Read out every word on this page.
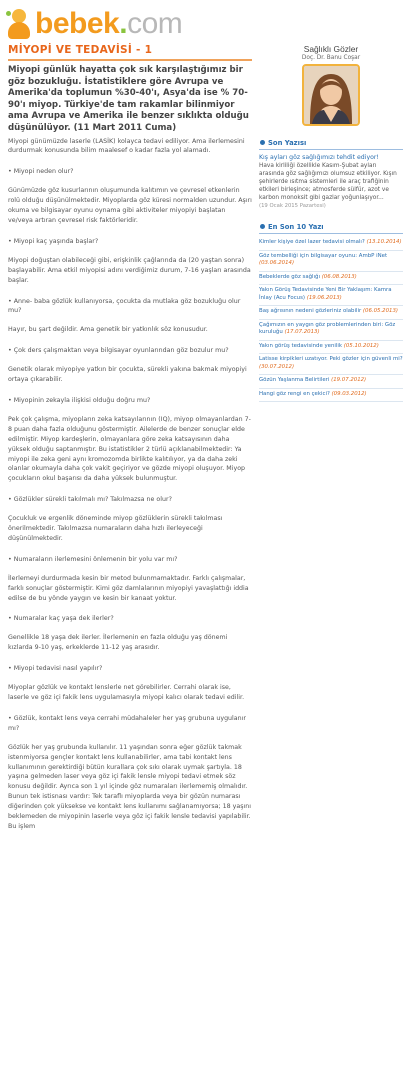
bebek.com
MİYOPİ VE TEDAVİSİ - 1
Miyopi günlük hayatta çok sık karşılaştığımız bir göz bozukluğu. İstatistiklere göre Avrupa ve Amerika'da toplumun %30-40'ı, Asya'da ise % 70-90'ı miyop. Türkiye'de tam rakamlar bilinmiyor ama Avrupa ve Amerika ile benzer sıklıkta olduğu düşünülüyor. (11 Mart 2011 Cuma)
Miyopi günümüzde laserle (LASİK) kolayca tedavi ediliyor. Ama ilerlemesini durdurmak konusunda bilim maalesef o kadar fazla yol alamadı.
• Miyopi neden olur?
Günümüzde göz kusurlarının oluşumunda kalıtımın ve çevresel etkenlerin rolü olduğu düşünülmektedir. Miyoplarda göz küresi normalden uzundur. Aşırı okuma ve bilgisayar oyunu oynama gibi aktiviteler miyopiyi başlatan ve/veya artıran çevresel risk faktörleridir.
• Miyopi kaç yaşında başlar?
Miyopi doğuştan olabileceği gibi, erişkinlik çağlarında da (20 yaştan sonra) başlayabilir. Ama etkil miyopisi adını verdiğimiz durum, 7-16 yaşları arasında başlar.
• Anne- baba gözlük kullanıyorsa, çocukta da mutlaka göz bozukluğu olur mu?
Hayır, bu şart değildir. Ama genetik bir yatkınlık söz konusudur.
• Çok ders çalışmaktan veya bilgisayar oyunlarından göz bozulur mu?
Genetik olarak miyopiye yatkın bir çocukta, sürekli yakına bakmak miyopiyi ortaya çıkarabilir.
• Miyopinin zekayla ilişkisi olduğu doğru mu?
Pek çok çalışma, miyopların zeka katsayılarının (IQ), miyop olmayanlardan 7-8 puan daha fazla olduğunu göstermiştir. Ailelerde de benzer sonuçlar elde edilmiştir. Miyop kardeşlerin, olmayanlara göre zeka katsayısının daha yüksek olduğu saptanmıştır. Bu istatistikler 2 türlü açıklanabilmektedir: Ya miyopi ile zeka geni aynı kromozomda birlikte kalıtılıyor, ya da daha zeki olanlar okumayla daha çok vakit geçiriyor ve gözde miyopi oluşuyor. Miyop çocukların okul başarısı da daha yüksek bulunmuştur.
• Gözlükler sürekli takılmalı mı? Takılmazsa ne olur?
Çocukluk ve ergenlik döneminde miyop gözlüklerin sürekli takılması önerilmektedir. Takılmazsa numaraların daha hızlı ilerleyeceği düşünülmektedir.
• Numaraların ilerlemesini önlemenin bir yolu var mı?
İlerlemeyi durdurmada kesin bir metod bulunmamaktadır. Farklı çalışmalar, farklı sonuçlar göstermiştir. Kimi göz damlalarının miyopiyi yavaşlattığı iddia edilse de bu yönde yaygın ve kesin bir kanaat yoktur.
• Numaralar kaç yaşa dek ilerler?
Genellikle 18 yaşa dek ilerler. İlerlemenin en fazla olduğu yaş dönemi kızlarda 9-10 yaş, erkeklerde 11-12 yaş arasıdır.
• Miyopi tedavisi nasıl yapılır?
Miyoplar gözlük ve kontakt lenslerle net görebilirler. Cerrahi olarak ise, laserle ve göz içi fakik lens uygulamasıyla miyopi kalıcı olarak tedavi edilir.
• Gözlük, kontakt lens veya cerrahi müdahaleler her yaş grubuna uygulanır mı?
Gözlük her yaş grubunda kullanılır. 11 yaşından sonra eğer gözlük takmak istenmiyorsa gençler kontakt lens kullanabilirler, ama tabi kontakt lens kullanımının gerektirdiği bütün kurallara çok sıkı olarak uymak şartıyla. 18 yaşına gelmeden laser veya göz içi fakik lensle miyopi tedavi etmek söz konusu değildir. Ayrıca son 1 yıl içinde göz numaraları ilerlememiş olmalıdır. Bunun tek istisnası vardır: Tek taraflı miyoplarda veya bir gözün numarası diğerinden çok yüksekse ve kontakt lens kullanımı sağlanamıyorsa; 18 yaşını beklemeden de miyopinin laserle veya göz içi fakik lensle tedavisi yapılabilir. Bu işlem
Sağlıklı Gözler
Doç. Dr. Banu Coşar
Son Yazısı
Kış ayları göz sağlığımızı tehdit ediyor!
Hava kirliliği özellikle Kasım-Şubat ayları arasında göz sağlığımızı olumsuz etkiliyor. Kışın şehirlerde ısıtma sistemleri ile araç trafiğinin etkileri birleşince; atmosferde sülfür, azot ve karbon monoksit gibi gazlar yoğunlaşıyor...
(19 Ocak 2015 Pazartesi)
En Son 10 Yazı
Kimler kişiye özel lazer tedavisi olmalı? (13.10.2014)
Göz tembelliği için bilgisayar oyunu: AmbP iNet (03.06.2014)
Bebeklerde göz sağlığı (06.08.2013)
Yakın Görüş Tedavisinde Yeni Bir Yaklaşım: Kamra İnlay (Acu Focus) (19.06.2013)
Baş ağrısının nedeni gözleriniz olabilir (06.05.2013)
Çağımızın en yaygın göz problemlerinden biri: Göz kuruluğu (17.07.2013)
Yakın görüş tedavisinde yenilik (05.10.2012)
Latisse kirpikleri uzatıyor. Peki gözler için güvenli mi? (30.07.2012)
Gözün Yaşlanma Belirtileri (19.07.2012)
Hangi göz rengi en çekici? (09.03.2012)
